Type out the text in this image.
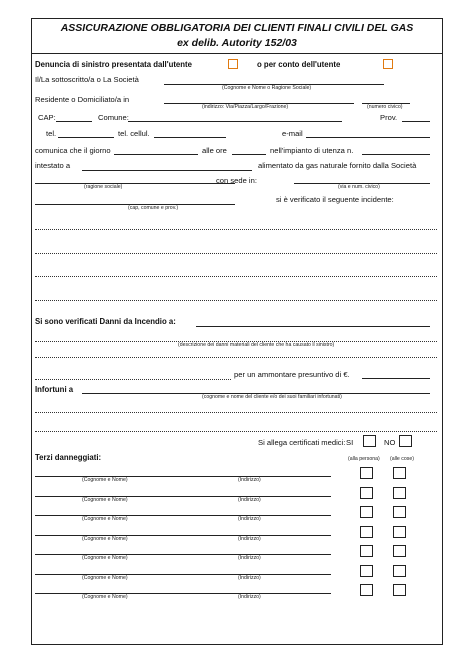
ASSICURAZIONE OBBLIGATORIA DEI CLIENTI FINALI CIVILI DEL GAS
ex delib. Autority 152/03
Denuncia di sinistro presentata dall'utente	o per conto dell'utente
Il/La sottoscritto/a o La Società
(Cognome e Nome o Ragione Sociale)
Residente o Domiciliato/a in
(indirizzo: Via/Piazza/Largo/Frazione)	(numero civico)
CAP:	Comune:	Prov.
tel.	tel. cellul.	e-mail
comunica che il giorno	alle ore	nell'impianto di utenza n.
intestato a	alimentato da gas naturale fornito dalla Società
(ragione sociale)	(via e num. civico)
con sede in:
(cap, comune e prov.)
si è verificato il seguente incidente:
Si sono verificati Danni da Incendio a:
(descrizione dei danni materiali del cliente che ha causato il sinistro)
per un ammontare presuntivo di €.
Infortuni a
(cognome e nome del cliente e/o dei suoi familiari infortunati)
Si allega certificati medici: SI	NO
Terzi danneggiati:	(alla persona) (alle cose)
(Cognome e Nome)	(Indirizzo)
(Cognome e Nome)	(Indirizzo)
(Cognome e Nome)	(Indirizzo)
(Cognome e Nome)	(Indirizzo)
(Cognome e Nome)	(Indirizzo)
(Cognome e Nome)	(Indirizzo)
(Cognome e Nome)	(Indirizzo)
